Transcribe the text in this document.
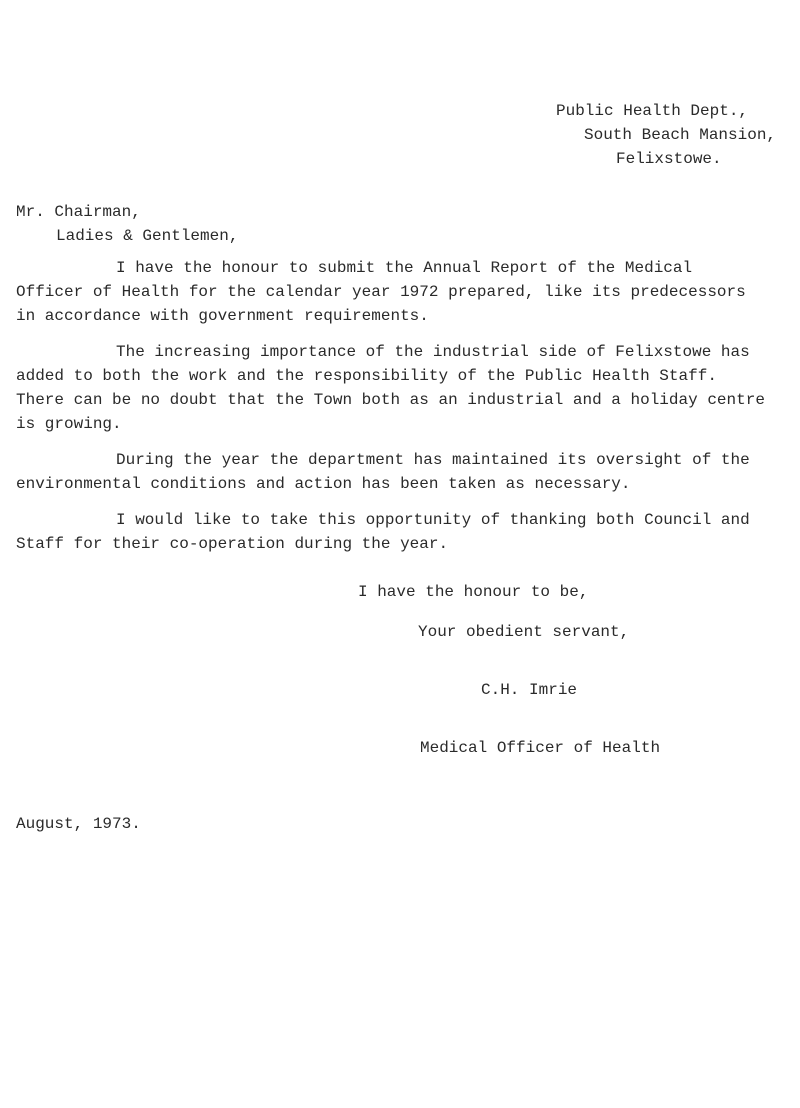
Public Health Dept.,
South Beach Mansion,
Felixstowe.
Mr. Chairman,
Ladies & Gentlemen,
I have the honour to submit the Annual Report of the Medical
Officer of Health for the calendar year 1972 prepared, like its predecessors
in accordance with government requirements.
The increasing importance of the industrial side of Felixstowe has
added to both the work and the responsibility of the Public Health Staff.
There can be no doubt that the Town both as an industrial and a holiday centre
is growing.
During the year the department has maintained its oversight of the
environmental conditions and action has been taken as necessary.
I would like to take this opportunity of thanking both Council and
Staff for their co-operation during the year.
I have the honour to be,
Your obedient servant,
C.H. Imrie
Medical Officer of Health
August, 1973.
